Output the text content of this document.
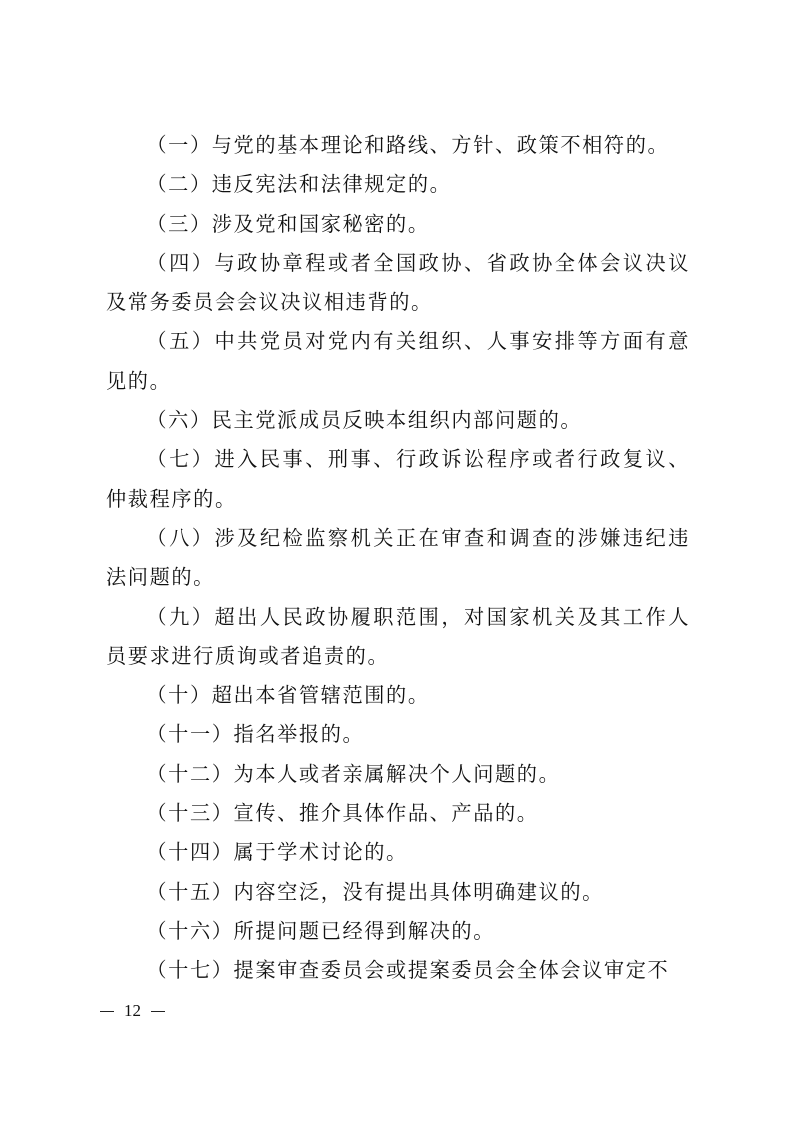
（一）与党的基本理论和路线、方针、政策不相符的。

（二）违反宪法和法律规定的。

（三）涉及党和国家秘密的。

（四）与政协章程或者全国政协、省政协全体会议决议及常务委员会会议决议相违背的。

（五）中共党员对党内有关组织、人事安排等方面有意见的。

（六）民主党派成员反映本组织内部问题的。

（七）进入民事、刑事、行政诉讼程序或者行政复议、仲裁程序的。

（八）涉及纪检监察机关正在审查和调查的涉嫌违纪违法问题的。

（九）超出人民政协履职范围，对国家机关及其工作人员要求进行质询或者追责的。

（十）超出本省管辖范围的。

（十一）指名举报的。

（十二）为本人或者亲属解决个人问题的。

（十三）宣传、推介具体作品、产品的。

（十四）属于学术讨论的。

（十五）内容空泛，没有提出具体明确建议的。

（十六）所提问题已经得到解决的。

（十七）提案审查委员会或提案委员会全体会议审定不

12
